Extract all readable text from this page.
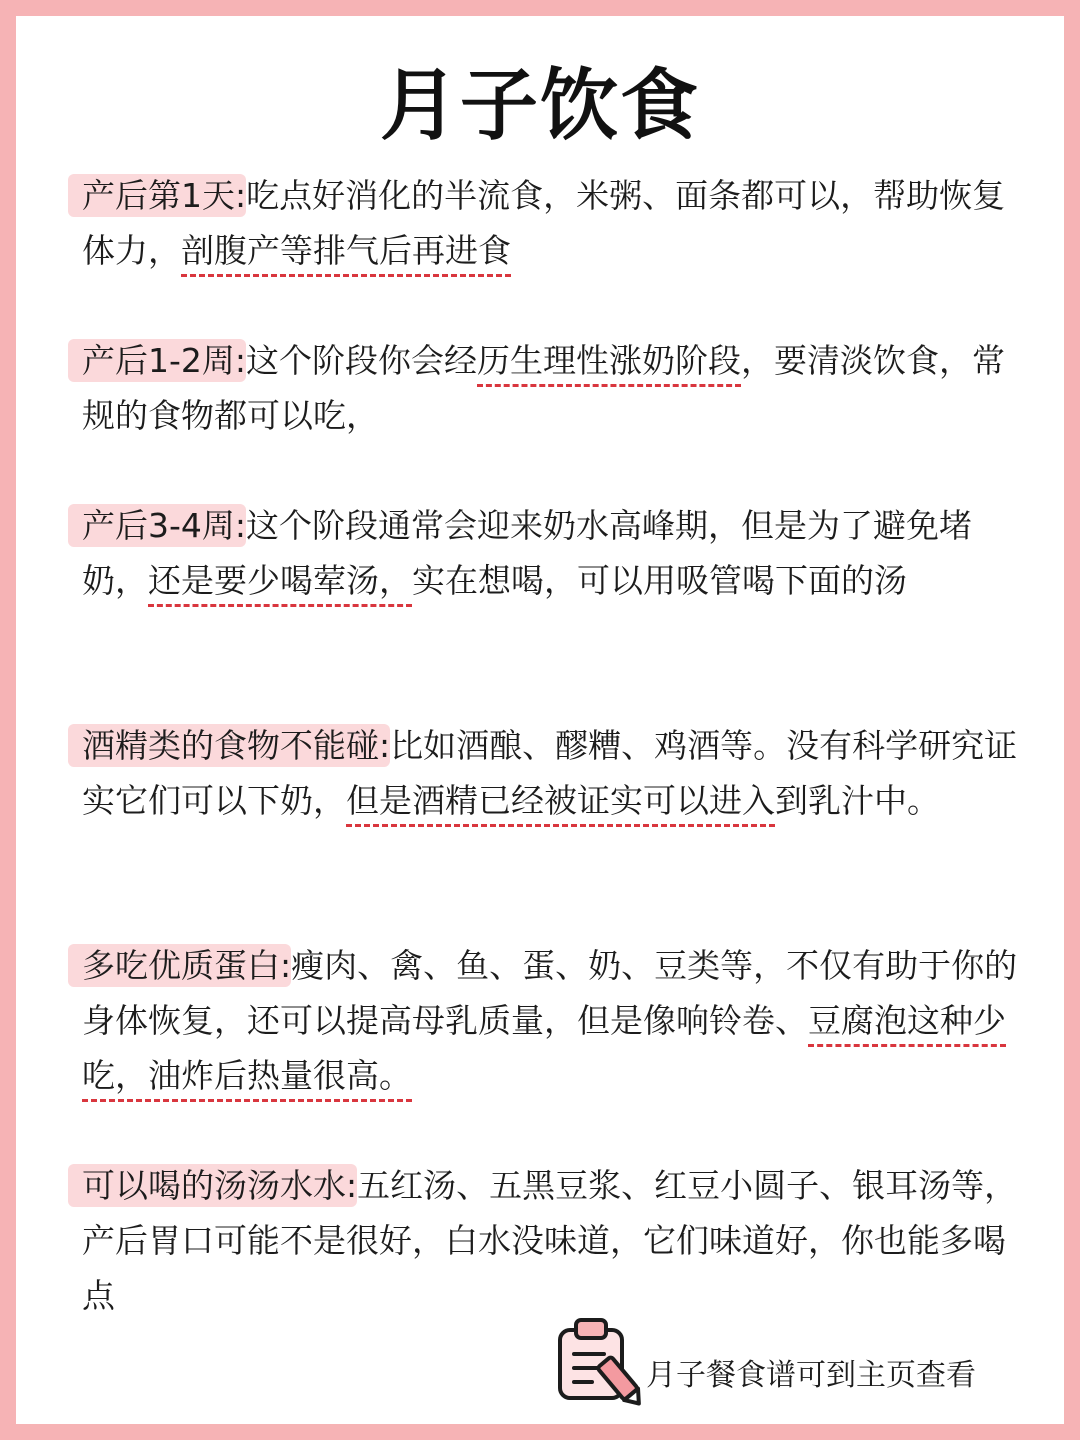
月子饮食
产后第1天:吃点好消化的半流食，米粥、面条都可以，帮助恢复体力，剖腹产等排气后再进食
产后1-2周:这个阶段你会经历生理性涨奶阶段，要清淡饮食，常规的食物都可以吃，
产后3-4周:这个阶段通常会迎来奶水高峰期，但是为了避免堵奶，还是要少喝荤汤，实在想喝，可以用吸管喝下面的汤
酒精类的食物不能碰:比如酒酿、醪糟、鸡酒等。没有科学研究证实它们可以下奶，但是酒精已经被证实可以进入到乳汁中。
多吃优质蛋白:瘦肉、禽、鱼、蛋、奶、豆类等，不仅有助于你的身体恢复，还可以提高母乳质量，但是像响铃卷、豆腐泡这种少吃，油炸后热量很高。
可以喝的汤汤水水:五红汤、五黑豆浆、红豆小圆子、银耳汤等，产后胃口可能不是很好，白水没味道，它们味道好，你也能多喝点
月子餐食谱可到主页查看
